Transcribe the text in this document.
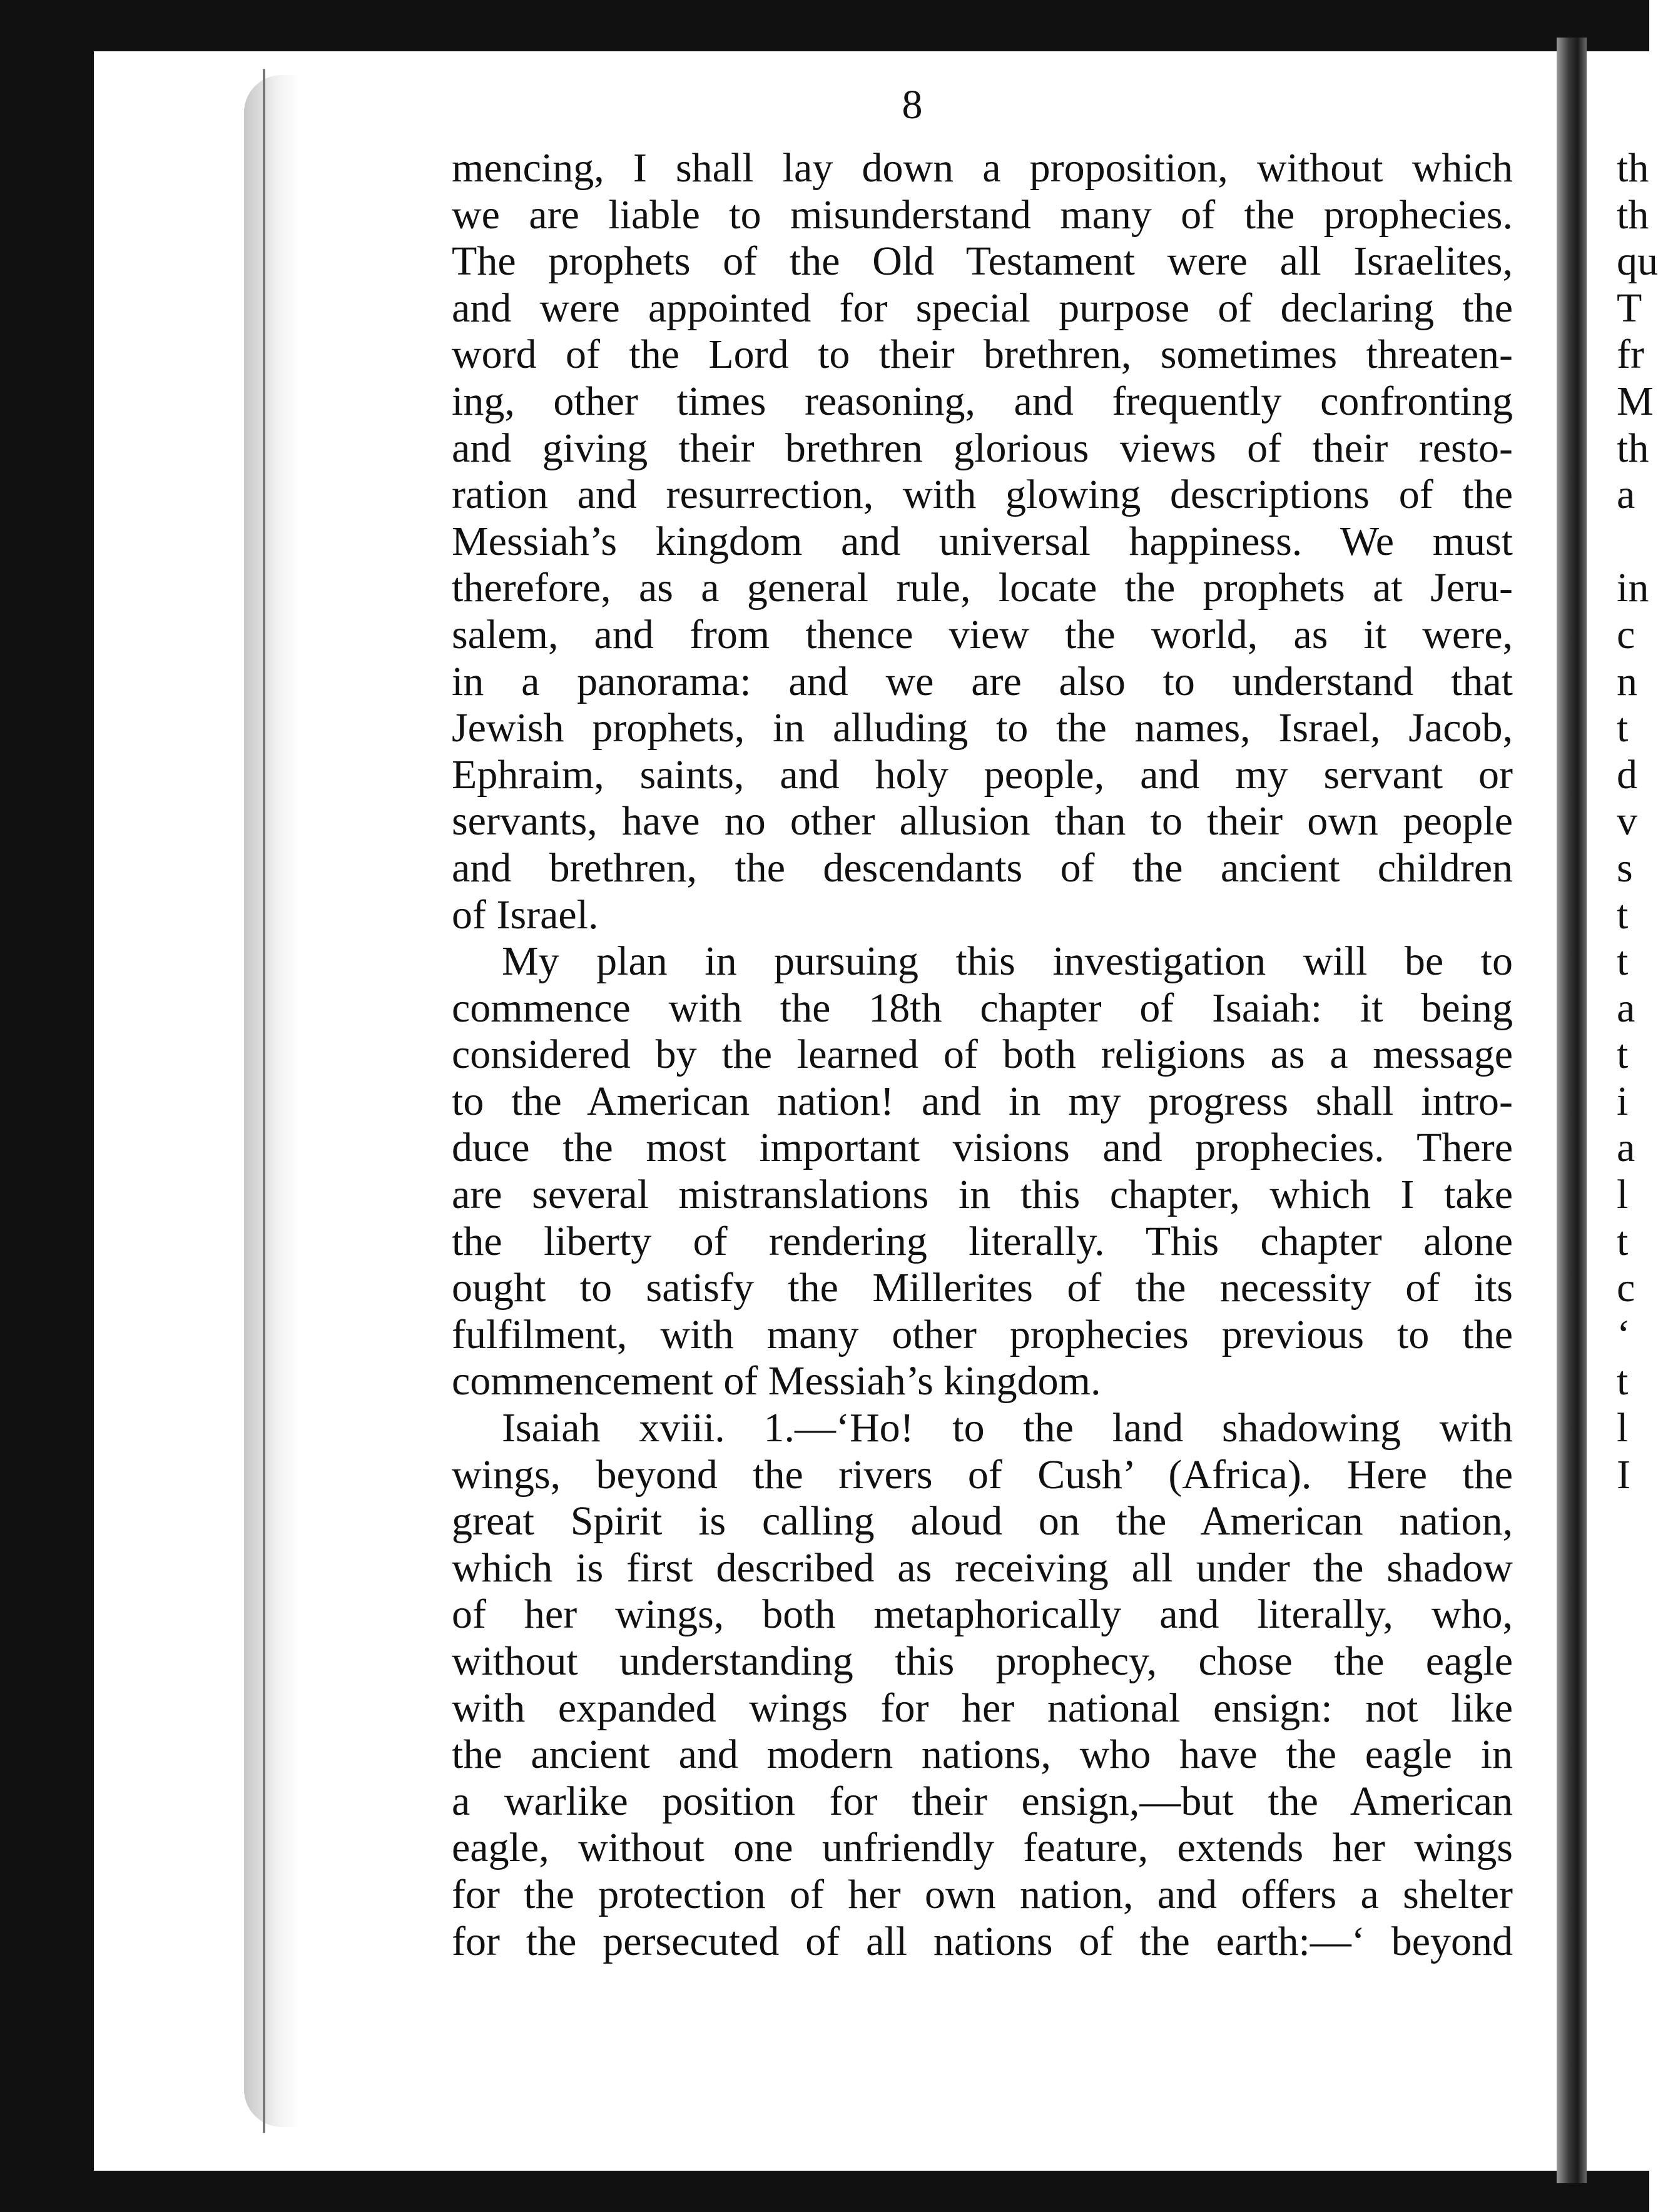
8
mencing, I shall lay down a proposition, without which
we are liable to misunderstand many of the prophecies.
The prophets of the Old Testament were all Israelites,
and were appointed for special purpose of declaring the
word of the Lord to their brethren, sometimes threaten-
ing, other times reasoning, and frequently confronting
and giving their brethren glorious views of their resto-
ration and resurrection, with glowing descriptions of the
Messiah’s kingdom and universal happiness. We must
therefore, as a general rule, locate the prophets at Jeru-
salem, and from thence view the world, as it were,
in a panorama: and we are also to understand that
Jewish prophets, in alluding to the names, Israel, Jacob,
Ephraim, saints, and holy people, and my servant or
servants, have no other allusion than to their own people
and brethren, the descendants of the ancient children
of Israel.
My plan in pursuing this investigation will be to
commence with the 18th chapter of Isaiah: it being
considered by the learned of both religions as a message
to the American nation! and in my progress shall intro-
duce the most important visions and prophecies. There
are several mistranslations in this chapter, which I take
the liberty of rendering literally. This chapter alone
ought to satisfy the Millerites of the necessity of its
fulfilment, with many other prophecies previous to the
commencement of Messiah’s kingdom.
Isaiah xviii. 1.—‘Ho! to the land shadowing with
wings, beyond the rivers of Cush’ (Africa). Here the
great Spirit is calling aloud on the American nation,
which is first described as receiving all under the shadow
of her wings, both metaphorically and literally, who,
without understanding this prophecy, chose the eagle
with expanded wings for her national ensign: not like
the ancient and modern nations, who have the eagle in
a warlike position for their ensign,—but the American
eagle, without one unfriendly feature, extends her wings
for the protection of her own nation, and offers a shelter
for the persecuted of all nations of the earth:—‘ beyond
th
th
qu
T
fr
M
th
a
in
c
n
t
d
v
s
t
t
a
t
i
a
l
t
c
‘
t
l
I
